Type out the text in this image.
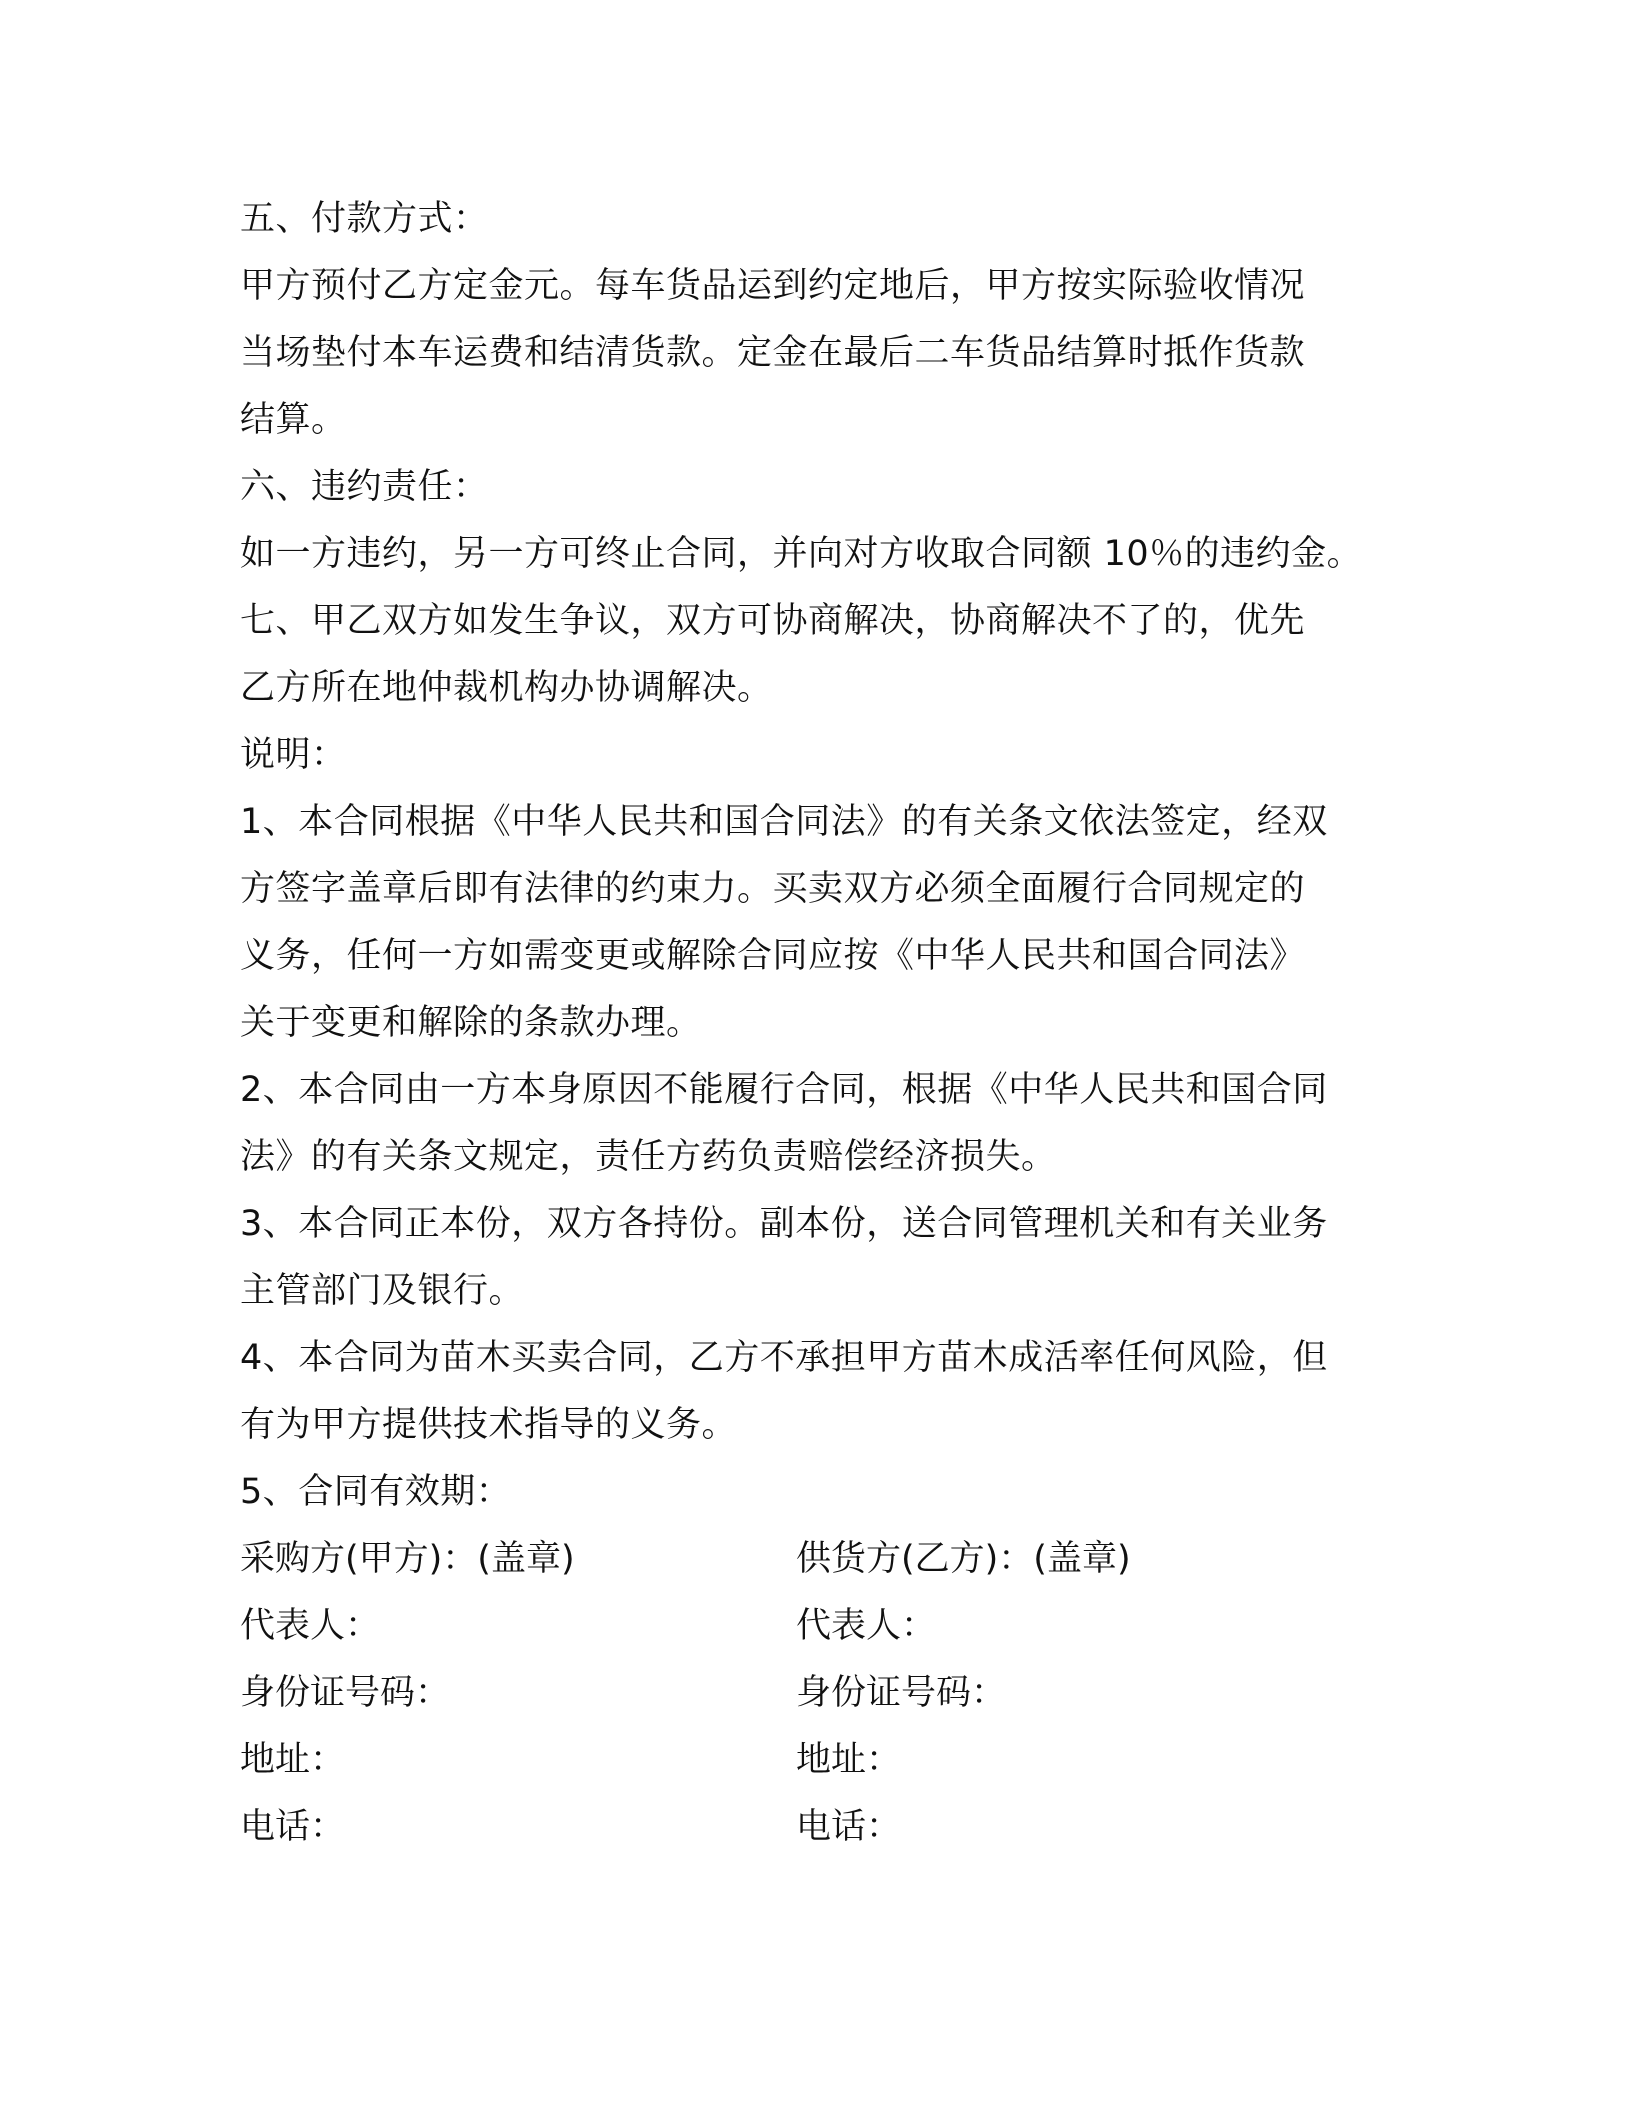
五、付款方式：
甲方预付乙方定金元。每车货品运到约定地后，甲方按实际验收情况
当场垫付本车运费和结清货款。定金在最后二车货品结算时抵作货款
结算。
六、违约责任：
如一方违约，另一方可终止合同，并向对方收取合同额 10％的违约金。
七、甲乙双方如发生争议，双方可协商解决，协商解决不了的，优先
乙方所在地仲裁机构办协调解决。
说明：
1、本合同根据《中华人民共和国合同法》的有关条文依法签定，经双
方签字盖章后即有法律的约束力。买卖双方必须全面履行合同规定的
义务，任何一方如需变更或解除合同应按《中华人民共和国合同法》
关于变更和解除的条款办理。
2、本合同由一方本身原因不能履行合同，根据《中华人民共和国合同
法》的有关条文规定，责任方药负责赔偿经济损失。
3、本合同正本份，双方各持份。副本份，送合同管理机关和有关业务
主管部门及银行。
4、本合同为苗木买卖合同，乙方不承担甲方苗木成活率任何风险，但
有为甲方提供技术指导的义务。
5、合同有效期：
采购方(甲方)：(盖章)	供货方(乙方)：(盖章)
代表人：	代表人：
身份证号码：	身份证号码：
地址：	地址：
电话：	电话：
